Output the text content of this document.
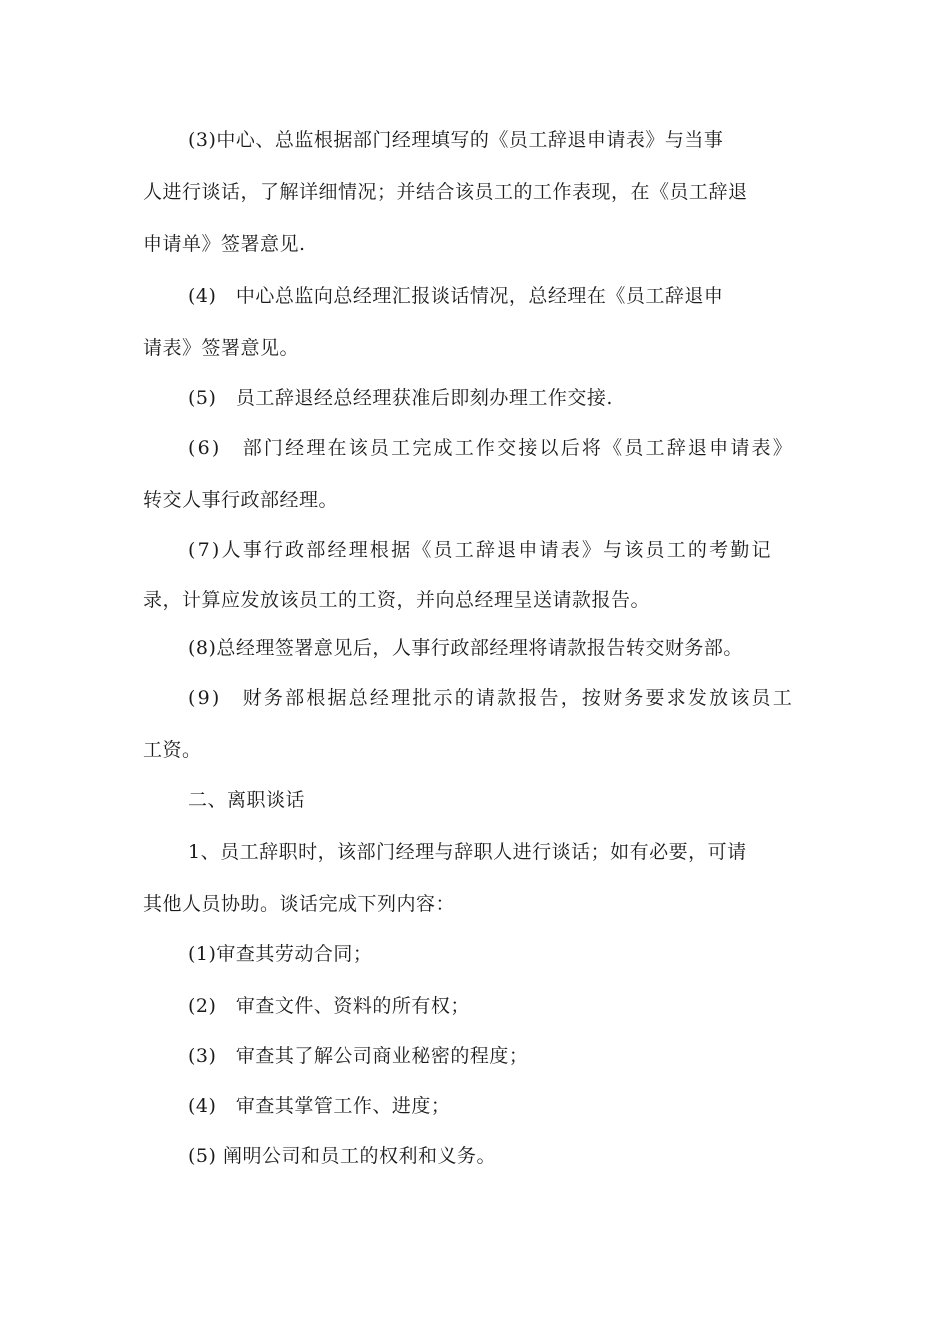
(3)中心、总监根据部门经理填写的《员工辞退申请表》与当事
人进行谈话，了解详细情况；并结合该员工的工作表现，在《员工辞退
申请单》签署意见.
(4)　中心总监向总经理汇报谈话情况，总经理在《员工辞退申
请表》签署意见。
(5)　员工辞退经总经理获准后即刻办理工作交接.
(6)　部门经理在该员工完成工作交接以后将《员工辞退申请表》
转交人事行政部经理。
(7)人事行政部经理根据《员工辞退申请表》与该员工的考勤记
录，计算应发放该员工的工资，并向总经理呈送请款报告。
(8)总经理签署意见后，人事行政部经理将请款报告转交财务部。
(9)　财务部根据总经理批示的请款报告，按财务要求发放该员工
工资。
二、离职谈话
1、员工辞职时，该部门经理与辞职人进行谈话；如有必要，可请
其他人员协助。谈话完成下列内容：
(1)审查其劳动合同；
(2)　审查文件、资料的所有权；
(3)　审查其了解公司商业秘密的程度；
(4)　审查其掌管工作、进度；
(5) 阐明公司和员工的权利和义务。
